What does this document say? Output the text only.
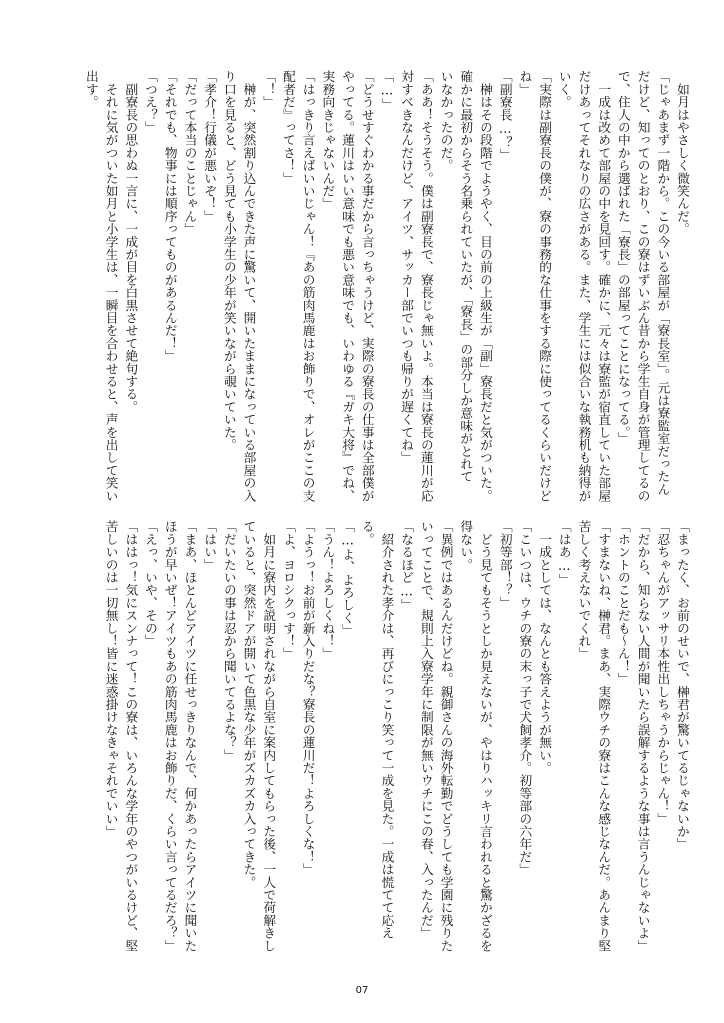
　如月はやさしく微笑んだ。
「じゃあまず一階から。この今いる部屋が「寮長室」。元は寮監室だったん
だけど、知ってのとおり、この寮はずいぶん昔から学生自身が管理してるの
で、住人の中から選ばれた「寮長」の部屋ってことになってる。」
　一成は改めて部屋の中を見回す。確かに、元々は寮監が宿直していた部屋
だけあってそれなりの広さがある。また、学生には似合いな執務机も納得が
いく。
「実際は副寮長の僕が、寮の事務的な仕事をする際に使ってるくらいだけど
ね」
「副寮長…？」
　榊はその段階でようやく、目の前の上級生が「副」寮長だと気がついた。
確かに最初からそう名乗られていたが、「寮長」の部分しか意味がとれて
いなかったのだ。
「ああ！そうそう。僕は副寮長で、寮長じゃ無いよ。本当は寮長の蓮川が応
対すべきなんだけど、アイツ、サッカー部でいつも帰りが遅くてね」
「…」
「どうせすぐわかる事だから言っちゃうけど、実際の寮長の仕事は全部僕が
やってる。蓮川はいい意味でも悪い意味でも、いわゆる『ガキ大将』でね、
実務向きじゃないんだ」
「はっきり言えばいいじゃん！『あの筋肉馬鹿はお飾りで、オレがここの支
配者だ』ってさ！」
「！」
　榊が、突然割り込んできた声に驚いて、開いたままになっている部屋の入
り口を見ると、どう見ても小学生の少年が笑いながら覗いていた。
「孝介！行儀が悪いぞ！」
「だって本当のことじゃん」
「それでも、物事には順序ってものがあるんだ！」
「つえ？」
　副寮長の思わぬ一言に、一成が目を白黒させて絶句する。
　それに気がついた如月と小学生は、一瞬目を合わせると、声を出して笑い
出す。
「まったく、お前のせいで、榊君が驚いてるじゃないか」
「忍ちゃんがアッサリ本性出しちゃうからじゃん！」
「だから、知らない人間が聞いたら誤解するような事は言うんじゃないよ」
「ホントのことだも～ん！」
「すまないね、榊君。まあ、実際ウチの寮はこんな感じなんだ。あんまり堅
苦しく考えないでくれ」
「はあ…」
　一成としては、なんとも答えようが無い。
「こいつは、ウチの寮の末っ子で犬飼孝介。初等部の六年だ」
「初等部！？」
　どう見てもそうとしか見えないが、やはりハッキリ言われると驚かざるを
得ない。
「異例ではあるんだけどね。親御さんの海外転勤でどうしても学園に残りた
いってことで、規則上入寮学年に制限が無いウチにこの春、入ったんだ」
「なるほど…」
　紹介された孝介は、再びにっこり笑って一成を見た。一成は慌てて応え
る。
「…よ、よろしく」
「うん！よろしくね！」
「ようっ！お前が新入りだな？寮長の蓮川だ！よろしくな！」
「よ、ヨロシクっす！」
　如月に寮内を説明されながら自室に案内してもらった後、一人で荷解きし
ていると、突然ドアが開いて色黒な少年がズカズカ入ってきた。
「だいたいの事は忍から聞いてるよな？」
「はい」
「まあ、ほとんどアイツに任せっきりなんで、何かあったらアイツに聞いた
ほうが早いぜ！アイツもあの筋肉馬鹿はお飾りだ、くらい言ってるだろ？」
「えっ、いや、その」
「ははっ！気にスンナって！この寮は、いろんな学年のやつがいるけど、堅
苦しいのは一切無し！皆に迷惑掛けなきゃそれでいい」
07
